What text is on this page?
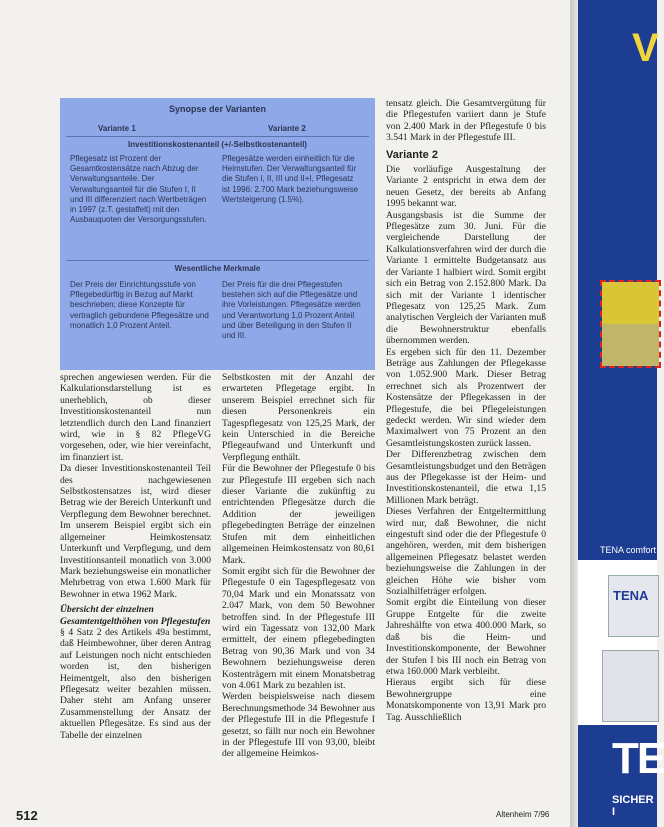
Synopse der Varianten
Variante 1	Variante 2
Investitionskostenanteil (+/-Selbstkostenanteil)
Pflegesatz ist Prozent der Gesamtkostensätze nach Abzug der Verwaltungsanteile. Der Verwaltungsanteil für die Stufen I, II und III differenziert nach Wertbeträgen in 1997 (z.T. gestaffelt) mit den Ausbauquoten der Versorgungsstufen.
Pflegesätze werden einheitlich für die Heimstufen. Der Verwaltungsanteil für die Stufen I, II, III und II+I, Pflegesatz ist 1996: 2.700 Mark beziehungsweise Wertsteigerung (1.5%).
Wesentliche Merkmale
Der Preis der Einrichtungsstufe von Pflegebedürftig in Bezug auf Markt beschrieben; diese Konzepte für vertraglich gebundene Pflegesätze und monatlich 1,0 Prozent Anteil.
Der Preis für die drei Pflegestufen bestehen sich auf die Pflegesätze und ihre Vorleistungen. Pflegesätze werden und Verantwortung 1,0 Prozent Anteil und über Beteiligung in den Stufen II und III.

sprechen angewiesen werden. Für die Kalkulationsdarstellung ist es unerheblich, ob dieser Investitionskostenanteil nun letztendlich durch den Land finanziert wird, wie in § 82 PflegeVG vorgesehen, oder, wie hier vereinfacht, im finanziert ist.

Da dieser Investitionskostenanteil Teil des nachgewiesenen Selbstkostensatzes ist, wird dieser Betrag wie der Bereich Unterkunft und Verpflegung dem Bewohner berechnet. Im unserem Beispiel ergibt sich ein allgemeiner Heimkostensatz Unterkunft und Verpflegung, und dem Investitionsanteil monatlich von 3.000 Mark beziehungsweise ein monatlicher Mehrbetrag von etwa 1.600 Mark für Bewohner in etwa 1962 Mark.

Übersicht der einzelnen Gesamtentgelthöhen von Pflegestufen

§ 4 Satz 2 des Artikels 49a bestimmt, daß Heimbewohner, über deren Antrag auf Leistungen noch nicht entschieden worden ist, den bisherigen Heimentgelt, also den bisherigen Pflegesatz weiter bezahlen müssen. Daher steht am Anfang unserer Zusammenstellung der Ansatz der aktuellen Pflegesätze. Es sind aus der Tabelle der einzelnen

Selbstkosten mit der Anzahl der erwarteten Pflegetage ergibt. In unserem Beispiel errechnet sich für diesen Personenkreis ein Tagespflegesatz von 125,25 Mark, der kein Unterschied in die Bereiche Pflegeaufwand und Unterkunft und Verpflegung enthält.

Für die Bewohner der Pflegestufe 0 bis zur Pflegestufe III ergeben sich nach dieser Variante die zukünftig zu entrichtenden Pflegesätze durch die Addition der jeweiligen pflegebedingten Beträge der einzelnen Stufen mit dem einheitlichen allgemeinen Heimkostensatz von 80,61 Mark.

Somit ergibt sich für die Bewohner der Pflegestufe 0 ein Tagespflegesatz von 70,04 Mark und ein Monatssatz von 2.047 Mark, von dem 50 Bewohner betroffen sind. In der Pflegestufe III wird ein Tagessatz von 132,00 Mark ermittelt, der einem pflegebedingten Betrag von 90,36 Mark und von 34 Bewohnern beziehungsweise deren Kostenträgern mit einem Monatsbetrag von 4.061 Mark zu bezahlen ist.

Werden beispielsweise nach diesem Berechnungsmethode 34 Bewohner aus der Pflegestufe III in die Pflegestufe I gesetzt, so fällt nur noch ein Bewohner in der Pflegestufe III von 93,00, bleibt der allgemeine Heimkos-

tensatz gleich. Die Gesamtvergütung für die Pflegestufen variiert dann je Stufe von 2.400 Mark in der Pflegestufe 0 bis 3.541 Mark in der Pflegestufe III.

Variante 2

Die vorläufige Ausgestaltung der Variante 2 entspricht in etwa dem der neuen Gesetz, der bereits ab Anfang 1995 bekannt war.

Ausgangsbasis ist die Summe der Pflegesätze zum 30. Juni. Für die vergleichende Darstellung der Kalkulationsverfahren wird der durch die Variante 1 ermittelte Budgetansatz aus der Variante 1 halbiert wird. Somit ergibt sich ein Betrag von 2.152.800 Mark. Da sich mit der Variante 1 identischer Pflegesatz von 125,25 Mark. Zum analytischen Vergleich der Varianten muß die Bewohnerstruktur ebenfalls übernommen werden.

Es ergeben sich für den 11. Dezember Beträge aus Zahlungen der Pflegekasse von 1.052.900 Mark. Dieser Betrag errechnet sich als Prozentwert der Kostensätze der Pflegekassen in der Pflegestufe, die bei Pflegeleistungen gedeckt werden. Wir sind wieder dem Maximalwert von 75 Prozent an den Gesamtleistungskosten zurück lassen.

Der Differenzbetrag zwischen dem Gesamtleistungsbudget und den Beträgen aus der Pflegekasse ist der Heim- und Investitionskostenanteil, die etwa 1,15 Millionen Mark beträgt.

Dieses Verfahren der Entgeltermittlung wird nur, daß Bewohner, die nicht eingestuft sind oder die der Pflegestufe 0 angehören, werden, mit dem bisherigen allgemeinen Pflegesatz belastet werden beziehungsweise die Zahlungen in der gleichen Höhe wie bisher vom Sozialhilfeträger erfolgen.

Somit ergibt die Einteilung von dieser Gruppe Entgelte für die zweite Jahreshälfte von etwa 400.000 Mark, so daß bis die Heim- und Investitionskomponente, der Bewohner der Stufen I bis III noch ein Betrag von etwa 160.000 Mark verbleibt.

Hieraus ergibt sich für diese Bewohnergruppe eine Monatskomponente von 13,91 Mark pro Tag. Ausschließlich

512	Altenheim 7/96
V
TENA comfort
TENA
TE
SICHER I
